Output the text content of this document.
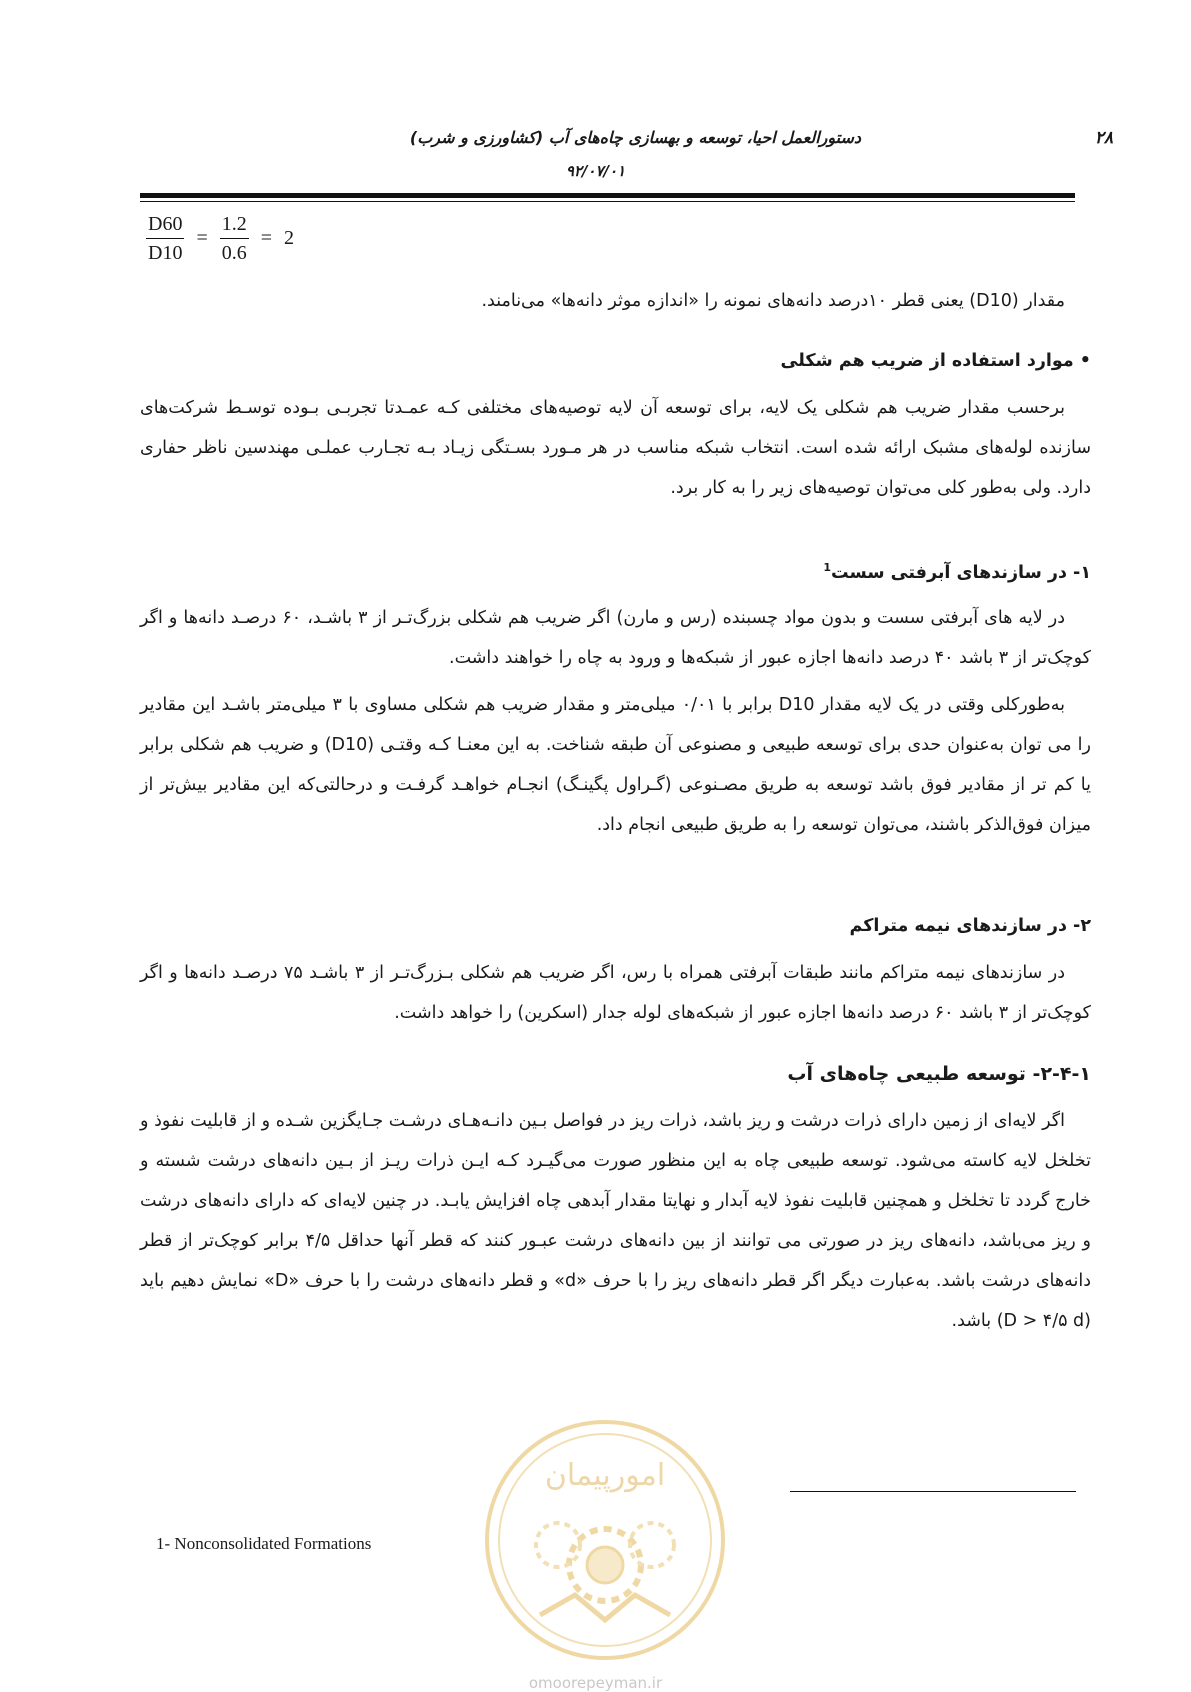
دستورالعمل احیا، توسعه و بهسازی چاه‌های آب (کشاورزی و شرب)	۲۸
۹۲/۰۷/۰۱
$\frac{D60}{D10} = \frac{1.2}{0.6} = 2$
مقدار (D10) یعنی قطر ۱۰درصد دانه‌های نمونه را «اندازه موثر دانه‌ها» می‌نامند.
• موارد استفاده از ضریب هم شکلی
برحسب مقدار ضریب هم شکلی یک لایه، برای توسعه آن لایه توصیه‌های مختلفی کـه عمـدتا تجربـی بـوده توسـط شرکت‌های سازنده لوله‌های مشبک ارائه شده است. انتخاب شبکه مناسب در هر مـورد بسـتگی زیـاد بـه تجـارب عملـی مهندسین ناظر حفاری دارد. ولی به‌طور کلی می‌توان توصیه‌های زیر را به کار برد.
۱- در سازندهای آبرفتی سست$^1$
در لایه های آبرفتی سست و بدون مواد چسبنده (رس و مارن) اگر ضریب هم شکلی بزرگ‌تـر از ۳ باشـد، ۶۰ درصـد دانه‌ها و اگر کوچک‌تر از ۳ باشد ۴۰ درصد دانه‌ها اجازه عبور از شبکه‌ها و ورود به چاه را خواهند داشت.
به‌طورکلی وقتی در یک لایه مقدار D10 برابر با ۰/۰۱ میلی‌متر و مقدار ضریب هم شکلی مساوی با ۳ میلی‌متر باشـد این مقادیر را می توان به‌عنوان حدی برای توسعه طبیعی و مصنوعی آن طبقه شناخت. به این معنـا کـه وقتـی (D10) و ضریب هم شکلی برابر یا کم تر از مقادیر فوق باشد توسعه به طریق مصـنوعی (گـراول پگینـگ) انجـام خواهـد گرفـت و درحالتی‌که این مقادیر بیش‌تر از میزان فوق‌الذکر باشند، می‌توان توسعه را به طریق طبیعی انجام داد.
۲- در سازندهای نیمه متراکم
در سازندهای نیمه متراکم مانند طبقات آبرفتی همراه با رس، اگر ضریب هم شکلی بـزرگ‌تـر از ۳ باشـد ۷۵ درصـد دانه‌ها و اگر کوچک‌تر از ۳ باشد ۶۰ درصد دانه‌ها اجازه عبور از شبکه‌های لوله جدار (اسکرین) را خواهد داشت.
۲-۴-۱- توسعه طبیعی چاه‌های آب
اگر لایه‌ای از زمین دارای ذرات درشت و ریز باشد، ذرات ریز در فواصل بـین دانـه‌هـای درشـت جـایگزین شـده و از قابلیت نفوذ و تخلخل لایه کاسته می‌شود. توسعه طبیعی چاه به این منظور صورت می‌گیـرد کـه ایـن ذرات ریـز از بـین دانه‌های درشت شسته و خارج گردد تا تخلخل و همچنین قابلیت نفوذ لایه آبدار و نهایتا مقدار آبدهی چاه افزایش یابـد. در چنین لایه‌ای که دارای دانه‌های درشت و ریز می‌باشد، دانه‌های ریز در صورتی می توانند از بین دانه‌های درشت عبـور کنند که قطر آنها حداقل ۴/۵ برابر کوچک‌تر از قطر دانه‌های درشت باشد. به‌عبارت دیگر اگر قطر دانه‌های ریز را با حرف «d» و قطر دانه‌های درشت را با حرف «D» نمایش دهیم باید (D > ۴/۵ d) باشد.
1- Nonconsolidated Formations
امورپیمان
omoorepeyman.ir
